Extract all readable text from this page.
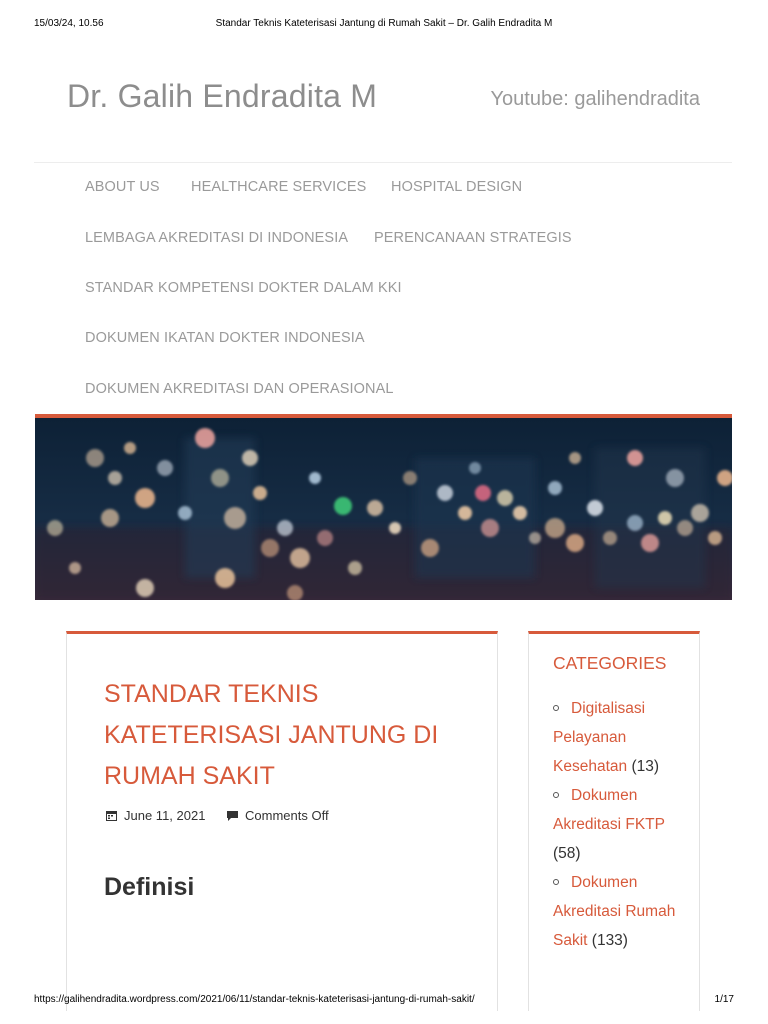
15/03/24, 10.56	Standar Teknis Kateterisasi Jantung di Rumah Sakit – Dr. Galih Endradita M
Dr. Galih Endradita M	Youtube: galihendradita
ABOUT US HEALTHCARE SERVICES HOSPITAL DESIGN
LEMBAGA AKREDITASI DI INDONESIA PERENCANAAN STRATEGIS
STANDAR KOMPETENSI DOKTER DALAM KKI
DOKUMEN IKATAN DOKTER INDONESIA
DOKUMEN AKREDITASI DAN OPERASIONAL
STANDAR TEKNIS KATETERISASI JANTUNG DI RUMAH SAKIT
June 11, 2021	Comments Off
Definisi
CATEGORIES
Digitalisasi Pelayanan Kesehatan (13)
Dokumen Akreditasi FKTP (58)
Dokumen Akreditasi Rumah Sakit (133)
https://galihendradita.wordpress.com/2021/06/11/standar-teknis-kateterisasi-jantung-di-rumah-sakit/	1/17
